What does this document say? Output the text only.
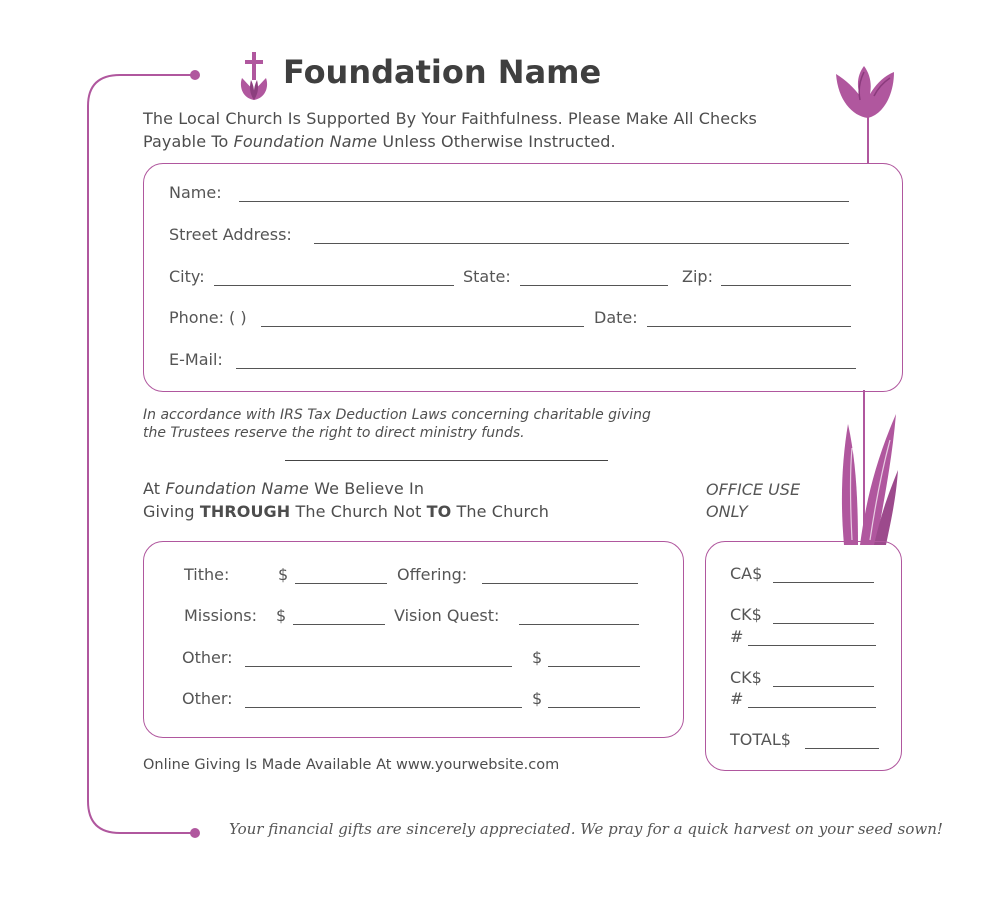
Foundation Name
The Local Church Is Supported By Your Faithfulness. Please Make All Checks
Payable To Foundation Name Unless Otherwise Instructed.
Name:
Street Address:
City:	State:	Zip:
Phone: ( )	Date:
E-Mail:
In accordance with IRS Tax Deduction Laws concerning charitable giving
the Trustees reserve the right to direct ministry funds.
At Foundation Name We Believe In
Giving THROUGH The Church Not TO The Church
OFFICE USE
ONLY
Tithe:	$	Offering:
Missions: $	Vision Quest:
Other:	$
Other:	$
CA$
CK$
#
CK$
#
TOTAL$
Online Giving Is Made Available At www.yourwebsite.com
Your financial gifts are sincerely appreciated. We pray for a quick harvest on your seed sown!
